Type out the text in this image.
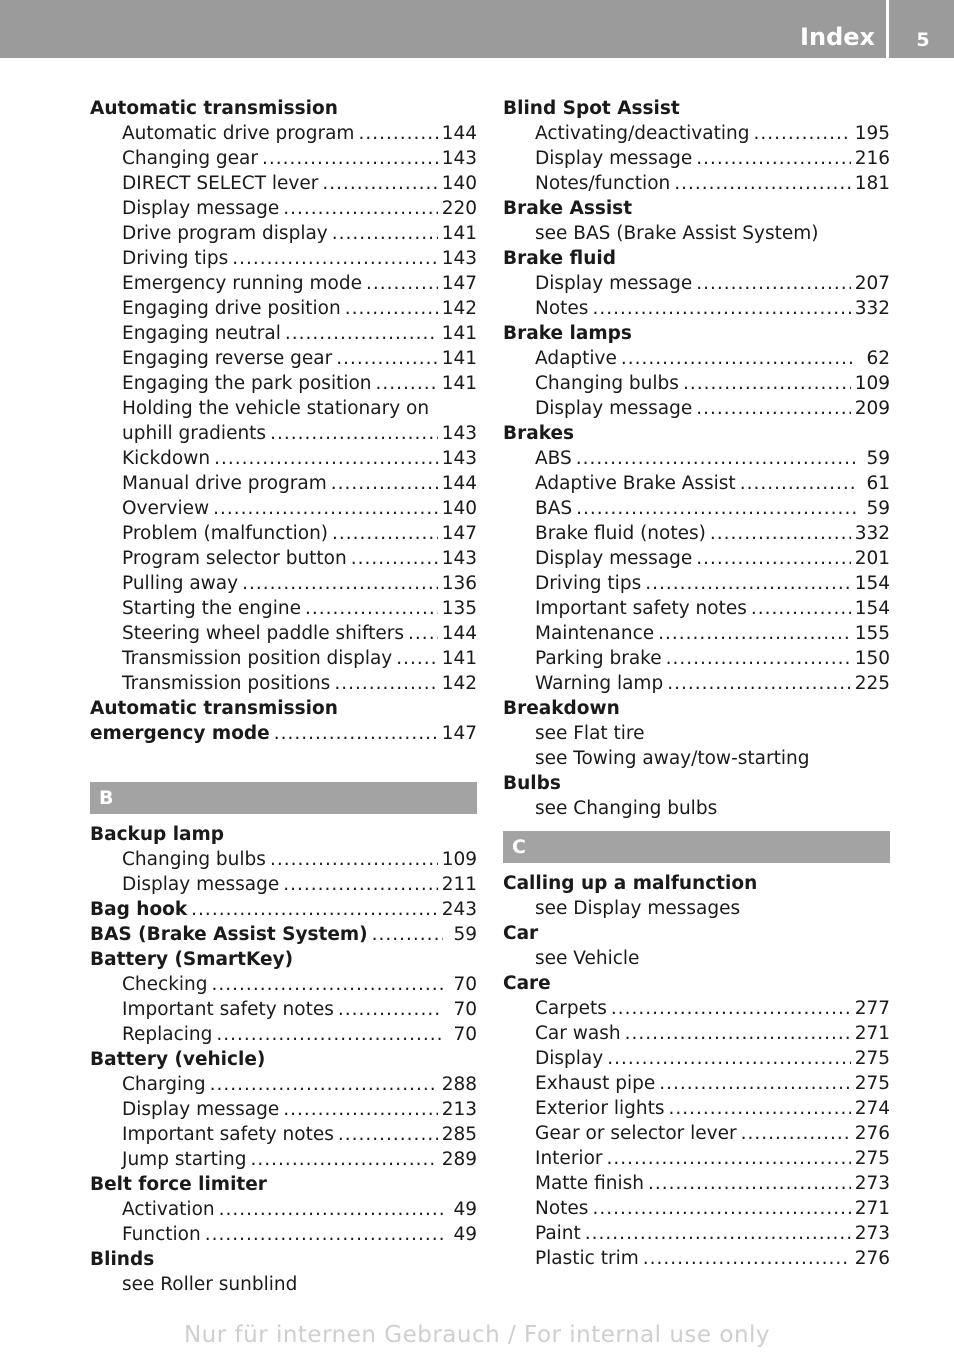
Index 5
Automatic transmission
Automatic drive program .....	144
Changing gear .....	143
DIRECT SELECT lever .....	140
Display message .....	220
Drive program display .....	141
Driving tips .....	143
Emergency running mode .....	147
Engaging drive position .....	142
Engaging neutral .....	141
Engaging reverse gear .....	141
Engaging the park position .....	141
Holding the vehicle stationary on
uphill gradients .....	143
Kickdown .....	143
Manual drive program .....	144
Overview .....	140
Problem (malfunction) .....	147
Program selector button .....	143
Pulling away .....	136
Starting the engine .....	135
Steering wheel paddle shifters ..... 144
Transmission position display .....	141
Transmission positions .....	142
Automatic transmission
emergency mode .....	147
B
Backup lamp
Changing bulbs .....	109
Display message .....	211
Bag hook .....	243
BAS (Brake Assist System) .....	59
Battery (SmartKey)
Checking .....	70
Important safety notes .....	70
Replacing .....	70
Battery (vehicle)
Charging .....	288
Display message .....	213
Important safety notes .....	285
Jump starting .....	289
Belt force limiter
Activation .....	49
Function .....	49
Blinds
see Roller sunblind
Blind Spot Assist
Activating/deactivating .....	195
Display message .....	216
Notes/function .....	181
Brake Assist
see BAS (Brake Assist System)
Brake fluid
Display message .....	207
Notes .....	332
Brake lamps
Adaptive .....	62
Changing bulbs .....	109
Display message .....	209
Brakes
ABS .....	59
Adaptive Brake Assist .....	61
BAS .....	59
Brake fluid (notes) .....	332
Display message .....	201
Driving tips .....	154
Important safety notes .....	154
Maintenance .....	155
Parking brake .....	150
Warning lamp .....	225
Breakdown
see Flat tire
see Towing away/tow-starting
Bulbs
see Changing bulbs
C
Calling up a malfunction
see Display messages
Car
see Vehicle
Care
Carpets .....	277
Car wash .....	271
Display .....	275
Exhaust pipe .....	275
Exterior lights .....	274
Gear or selector lever .....	276
Interior .....	275
Matte finish .....	273
Notes .....	271
Paint .....	273
Plastic trim .....	276
Nur für internen Gebrauch / For internal use only
